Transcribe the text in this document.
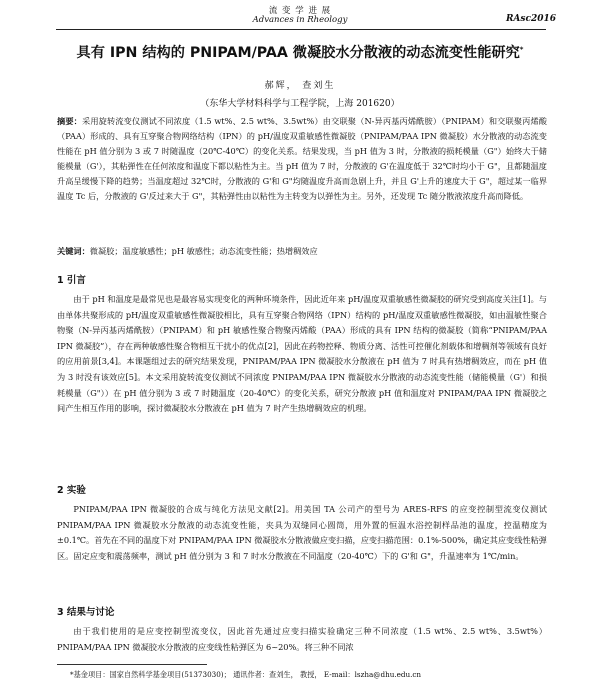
流 变 学 进 展
Advances in Rheology	RAsc2016
具有 IPN 结构的 PNIPAM/PAA 微凝胶水分散液的动态流变性能研究*
郝辉， 查刘生
（东华大学材料科学与工程学院，上海 201620）
摘要：采用旋转流变仪测试不同浓度（1.5 wt%、2.5 wt%、3.5wt%）由交联聚（N-异丙基丙烯酰胺）（PNIPAM）和交联聚丙烯酸（PAA）形成的、具有互穿聚合物网络结构（IPN）的 pH/温度双重敏感性微凝胶（PNIPAM/PAA IPN 微凝胶）水分散液的动态流变性能在 pH 值分别为 3 或 7 时随温度（20℃-40℃）的变化关系。结果发现，当 pH 值为 3 时，分散液的损耗模量（G"）始终大于储能模量（G'），其粘弹性在任何浓度和温度下都以粘性为主。当 pH 值为 7 时，分散液的 G'在温度低于 32℃时均小于 G"，且都随温度升高呈缓慢下降的趋势；当温度超过 32℃时，分散液的 G'和 G"均随温度升高而急剧上升，并且 G'上升的速度大于 G"，超过某一临界温度 Tc 后，分散液的 G'反过来大于 G"，其粘弹性由以粘性为主转变为以弹性为主。另外，还发现 Tc 随分散液浓度升高而降低。
关键词：微凝胶；温度敏感性；pH 敏感性；动态流变性能；热增稠效应
1 引言
由于 pH 和温度是最常见也是最容易实现变化的两种环境条件，因此近年来 pH/温度双重敏感性微凝胶的研究受到高度关注[1]。与由单体共聚形成的 pH/温度双重敏感性微凝胶相比，具有互穿聚合物网络（IPN）结构的 pH/温度双重敏感性微凝胶，如由温敏性聚合物聚（N-异丙基丙烯酰胺）（PNIPAM）和 pH 敏感性聚合物聚丙烯酸（PAA）形成的具有 IPN 结构的微凝胶（简称“PNIPAM/PAA IPN 微凝胶”），存在两种敏感性聚合物相互干扰小的优点[2]，因此在药物控释、物质分离、活性可控催化剂载体和增稠剂等领域有良好的应用前景[3,4]。本课题组过去的研究结果发现，PNIPAM/PAA IPN 微凝胶水分散液在 pH 值为 7 时具有热增稠效应，而在 pH 值为 3 时没有该效应[5]。本文采用旋转流变仪测试不同浓度 PNIPAM/PAA IPN 微凝胶水分散液的动态流变性能（储能模量（G'）和损耗模量（G"））在 pH 值分别为 3 或 7 时随温度（20-40℃）的变化关系，研究分散液 pH 值和温度对 PNIPAM/PAA IPN 微凝胶之间产生相互作用的影响，探讨微凝胶水分散液在 pH 值为 7 时产生热增稠效应的机理。
2 实验
PNIPAM/PAA IPN 微凝胶的合成与纯化方法见文献[2]。用美国 TA 公司产的型号为 ARES-RFS 的应变控制型流变仪测试 PNIPAM/PAA IPN 微凝胶水分散液的动态流变性能，夹具为双缝同心圆筒，用外置的恒温水浴控制样品池的温度，控温精度为±0.1℃。首先在不同的温度下对 PNIPAM/PAA IPN 微凝胶水分散液做应变扫描，应变扫描范围：0.1%-500%，确定其应变线性粘弹区。固定应变和震荡频率，测试 pH 值分别为 3 和 7 时水分散液在不同温度（20-40℃）下的 G'和 G"，升温速率为 1℃/min。
3 结果与讨论
由于我们使用的是应变控制型流变仪，因此首先通过应变扫描实验确定三种不同浓度（1.5 wt%、2.5 wt%、3.5wt%）PNIPAM/PAA IPN 微凝胶水分散液的应变线性粘弹区为 6~20%。将三种不同浓
*基金项目：国家自然科学基金项目(51373030)； 通讯作者：查刘生， 教授， E-mail：lszha@dhu.edu.cn
